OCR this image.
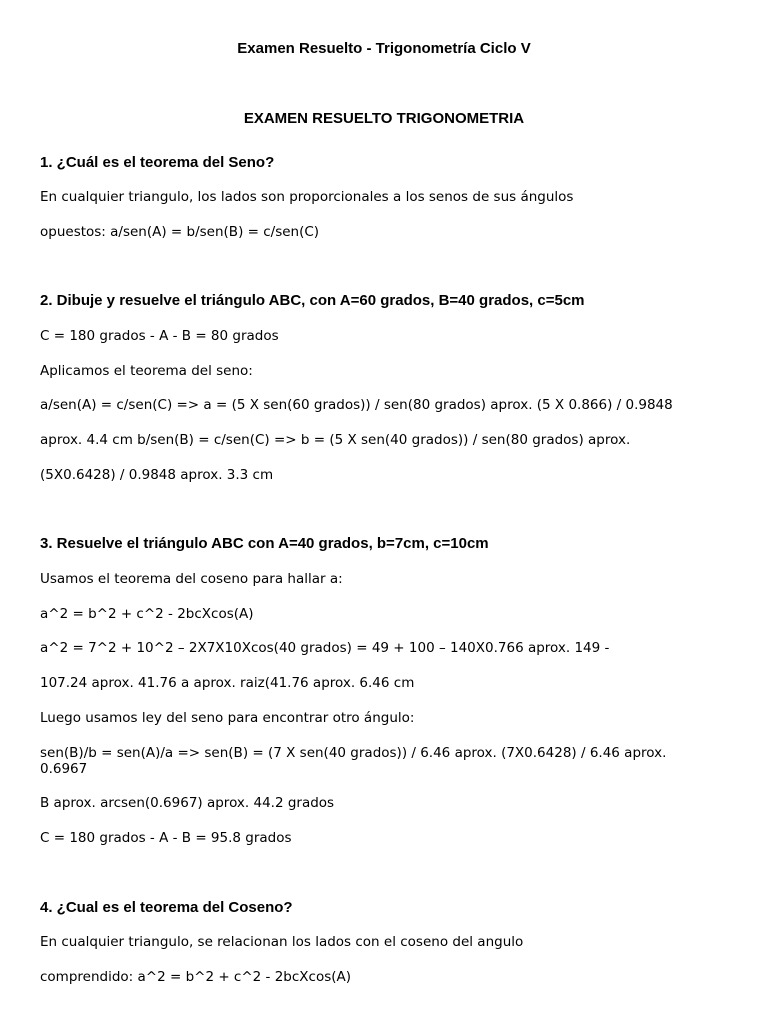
Examen Resuelto - Trigonometría Ciclo V
EXAMEN RESUELTO TRIGONOMETRIA
1. ¿Cuál es el teorema del Seno?
En cualquier triangulo, los lados son proporcionales a los senos de sus ángulos
opuestos: a/sen(A) = b/sen(B) = c/sen(C)
2. Dibuje y resuelve el triángulo ABC, con A=60 grados, B=40 grados, c=5cm
C = 180 grados - A - B = 80 grados
Aplicamos el teorema del seno:
a/sen(A) = c/sen(C) => a = (5 X sen(60 grados)) / sen(80 grados) aprox. (5 X 0.866) / 0.9848
aprox. 4.4 cm b/sen(B) = c/sen(C) => b = (5 X sen(40 grados)) / sen(80 grados) aprox.
(5X0.6428) / 0.9848 aprox. 3.3 cm
3. Resuelve el triángulo ABC con A=40 grados, b=7cm, c=10cm
Usamos el teorema del coseno para hallar a:
a^2 = b^2 + c^2 - 2bcXcos(A)
a^2 = 7^2 + 10^2 – 2X7X10Xcos(40 grados) = 49 + 100 – 140X0.766 aprox. 149 -
107.24 aprox. 41.76 a aprox. raiz(41.76 aprox. 6.46 cm
Luego usamos ley del seno para encontrar otro ángulo:
sen(B)/b = sen(A)/a => sen(B) = (7 X sen(40 grados)) / 6.46 aprox. (7X0.6428) / 6.46 aprox. 0.6967
B aprox. arcsen(0.6967) aprox. 44.2 grados
C = 180 grados - A - B = 95.8 grados
4. ¿Cual es el teorema del Coseno?
En cualquier triangulo, se relacionan los lados con el coseno del angulo
comprendido: a^2 = b^2 + c^2 - 2bcXcos(A)
